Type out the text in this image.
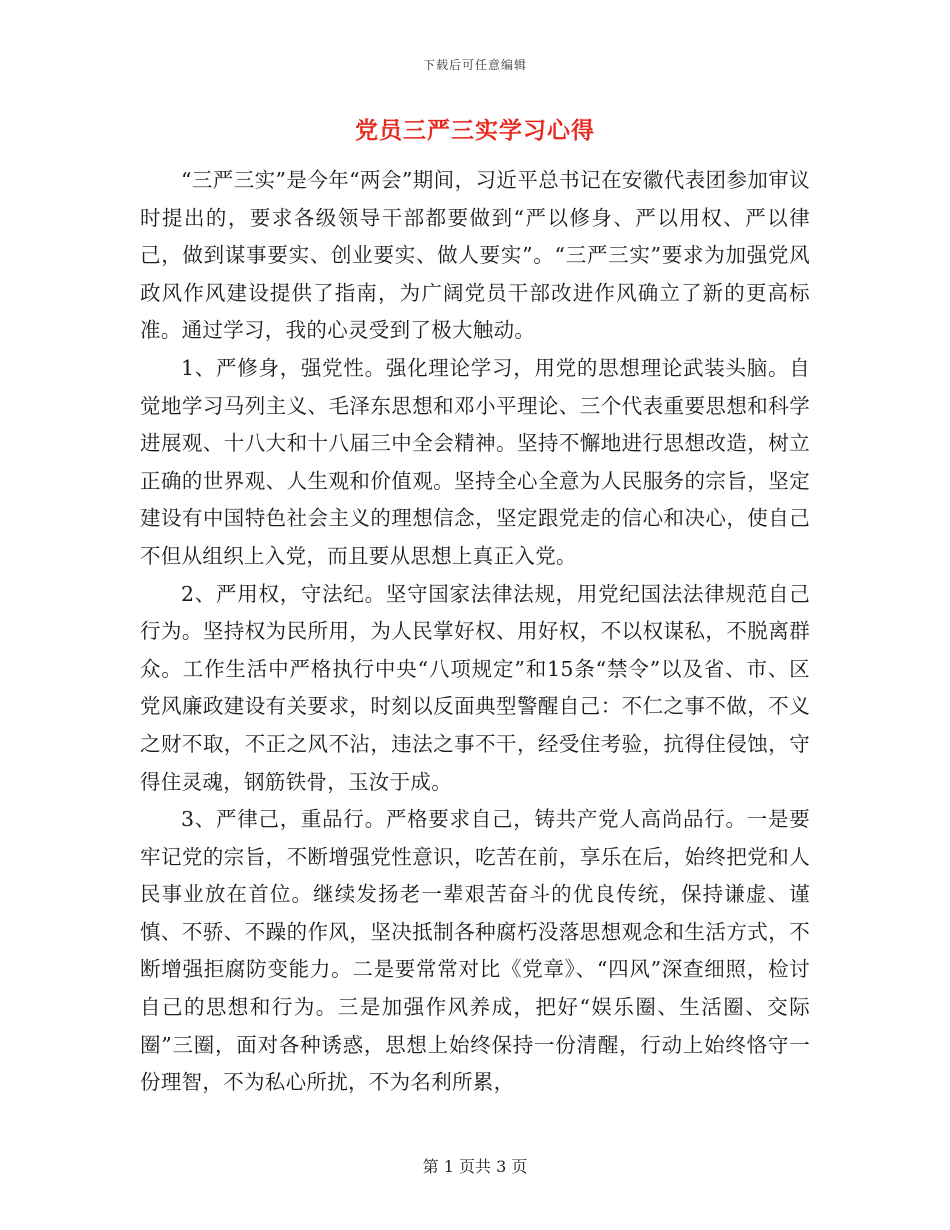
下载后可任意编辑
党员三严三实学习心得

“三严三实”是今年“两会”期间，习近平总书记在安徽代表团参加审议时提出的，要求各级领导干部都要做到“严以修身、严以用权、严以律己，做到谋事要实、创业要实、做人要实”。“三严三实”要求为加强党风政风作风建设提供了指南，为广阔党员干部改进作风确立了新的更高标准。通过学习，我的心灵受到了极大触动。

1、严修身，强党性。强化理论学习，用党的思想理论武装头脑。自觉地学习马列主义、毛泽东思想和邓小平理论、三个代表重要思想和科学进展观、十八大和十八届三中全会精神。坚持不懈地进行思想改造，树立正确的世界观、人生观和价值观。坚持全心全意为人民服务的宗旨，坚定建设有中国特色社会主义的理想信念，坚定跟党走的信心和决心，使自己不但从组织上入党，而且要从思想上真正入党。

2、严用权，守法纪。坚守国家法律法规，用党纪国法法律规范自己行为。坚持权为民所用，为人民掌好权、用好权，不以权谋私，不脱离群众。工作生活中严格执行中央“八项规定”和15条“禁令”以及省、市、区党风廉政建设有关要求，时刻以反面典型警醒自己：不仁之事不做，不义之财不取，不正之风不沾，违法之事不干，经受住考验，抗得住侵蚀，守得住灵魂，钢筋铁骨，玉汝于成。

3、严律己，重品行。严格要求自己，铸共产党人高尚品行。一是要牢记党的宗旨，不断增强党性意识，吃苦在前，享乐在后，始终把党和人民事业放在首位。继续发扬老一辈艰苦奋斗的优良传统，保持谦虚、谨慎、不骄、不躁的作风，坚决抵制各种腐朽没落思想观念和生活方式，不断增强拒腐防变能力。二是要常常对比《党章》、“四风”深查细照，检讨自己的思想和行为。三是加强作风养成，把好“娱乐圈、生活圈、交际圈”三圈，面对各种诱惑，思想上始终保持一份清醒，行动上始终恪守一份理智，不为私心所扰，不为名利所累，

第 1 页共 3 页
